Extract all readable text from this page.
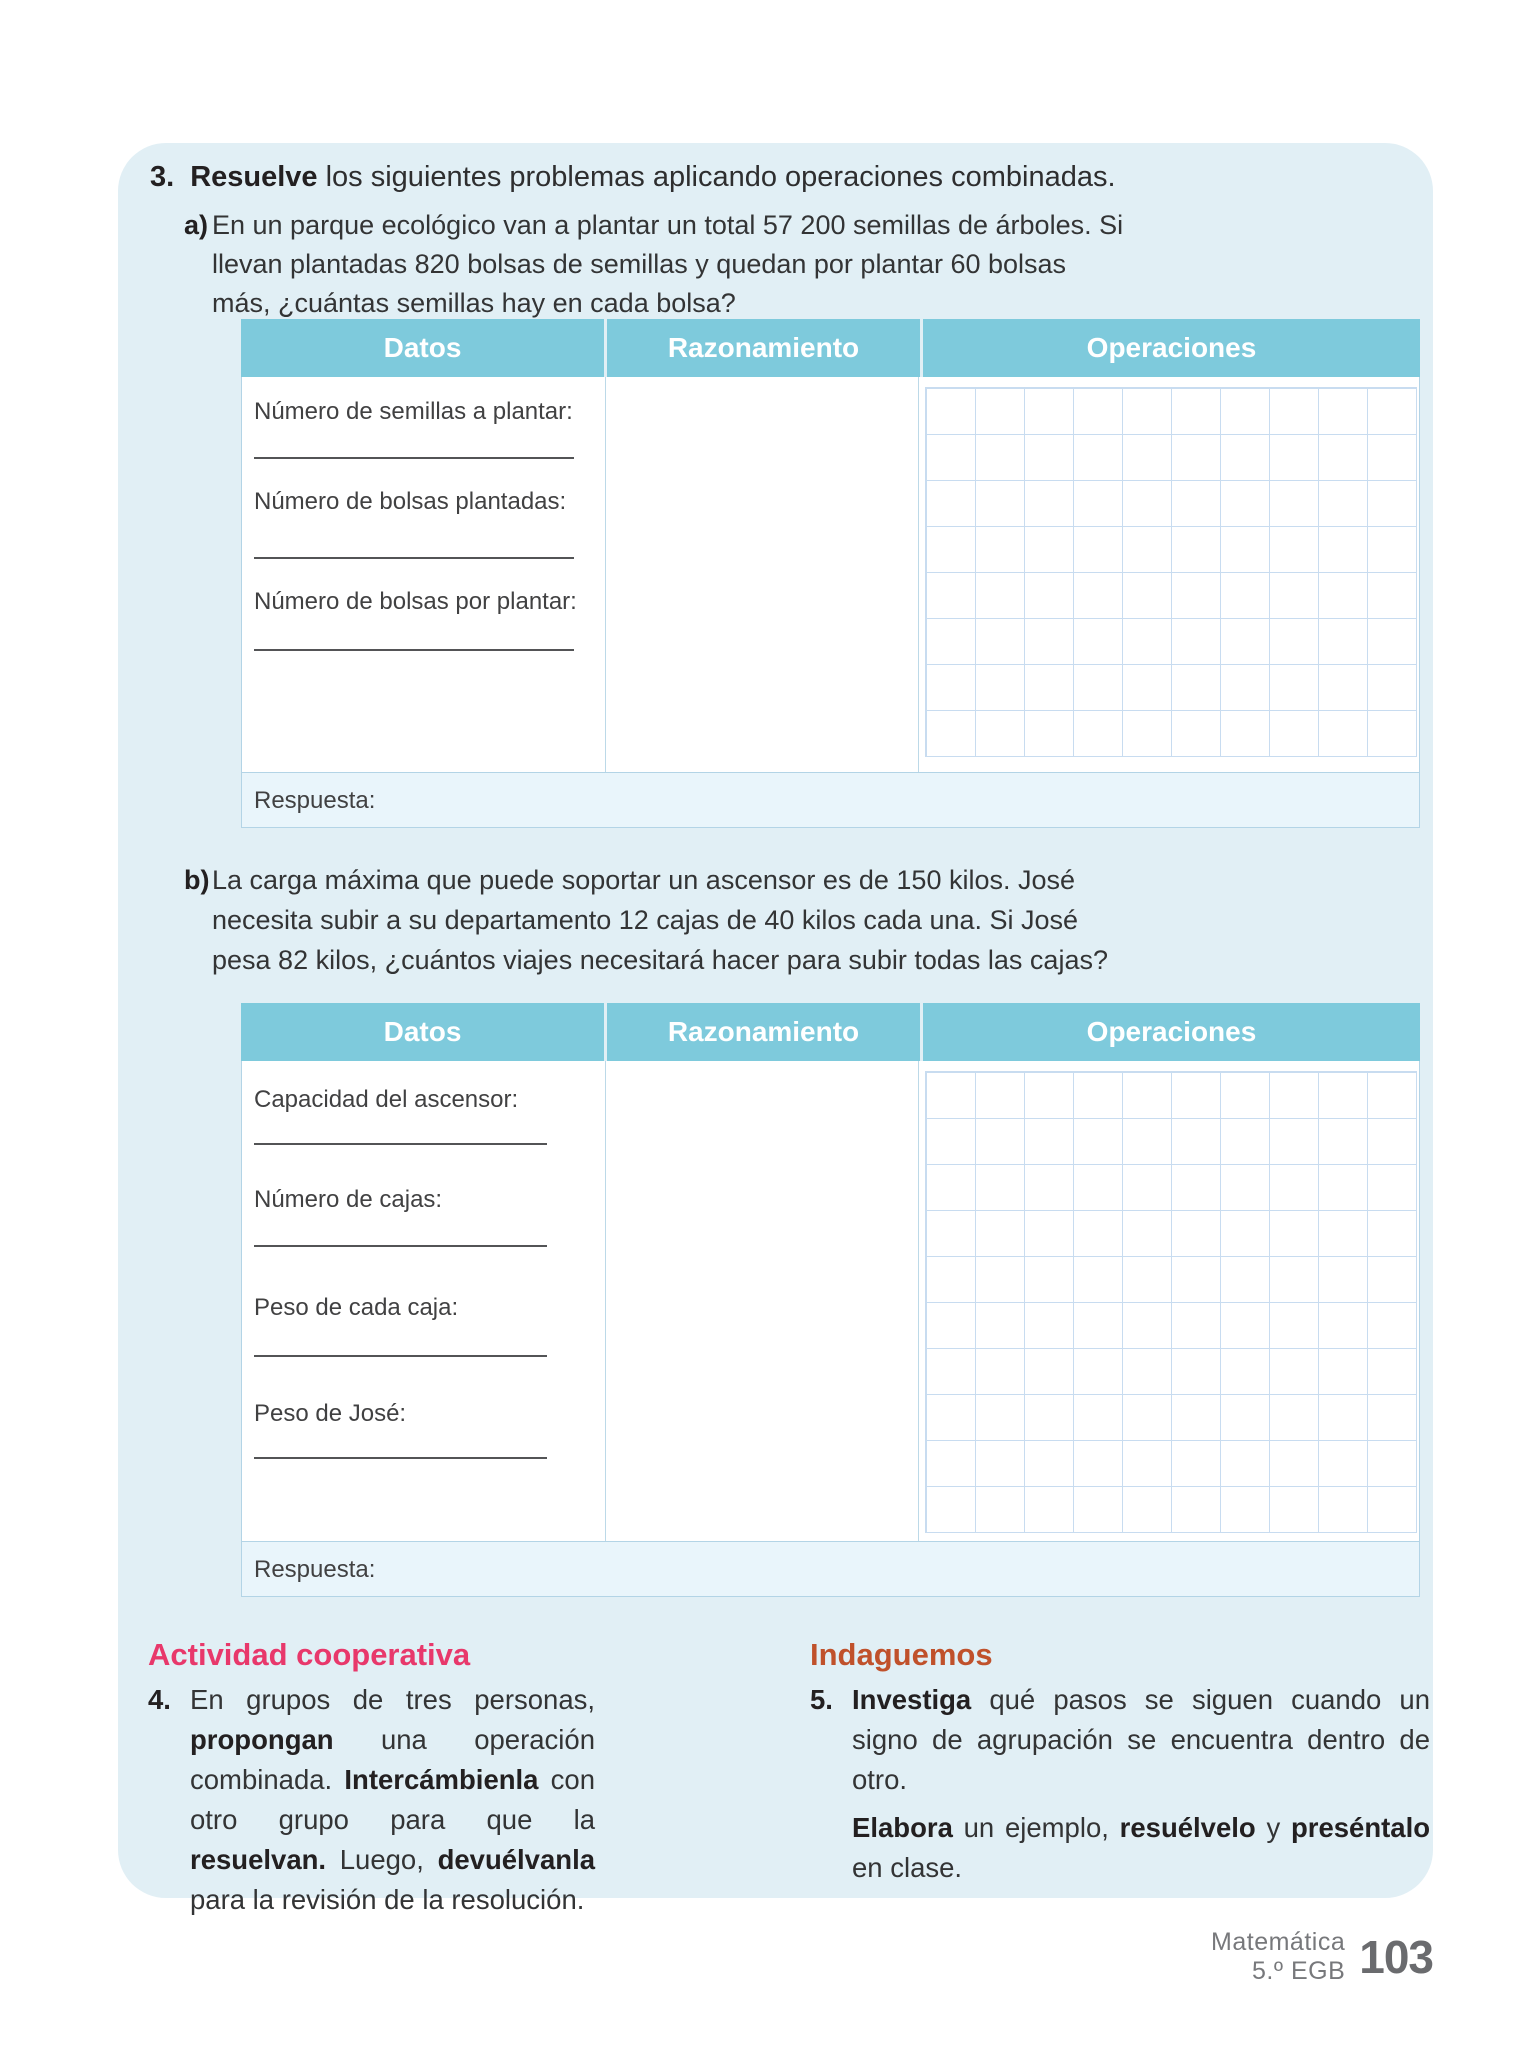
3. Resuelve los siguientes problemas aplicando operaciones combinadas.
a) En un parque ecológico van a plantar un total 57 200 semillas de árboles. Si llevan plantadas 820 bolsas de semillas y quedan por plantar 60 bolsas más, ¿cuántas semillas hay en cada bolsa?
Datos	Razonamiento	Operaciones
Número de semillas a plantar:
Número de bolsas plantadas:
Número de bolsas por plantar:
Respuesta:
b) La carga máxima que puede soportar un ascensor es de 150 kilos. José necesita subir a su departamento 12 cajas de 40 kilos cada una. Si José pesa 82 kilos, ¿cuántos viajes necesitará hacer para subir todas las cajas?
Datos	Razonamiento	Operaciones
Capacidad del ascensor:
Número de cajas:
Peso de cada caja:
Peso de José:
Respuesta:
Actividad cooperativa
4. En grupos de tres personas, propongan una operación combinada. Intercámbienla con otro grupo para que la resuelvan. Luego, devuélvanla para la revisión de la resolución.
Indaguemos
5. Investiga qué pasos se siguen cuando un signo de agrupación se encuentra dentro de otro.
Elabora un ejemplo, resuélvelo y preséntalo en clase.
Matemática
5.º EGB 103
